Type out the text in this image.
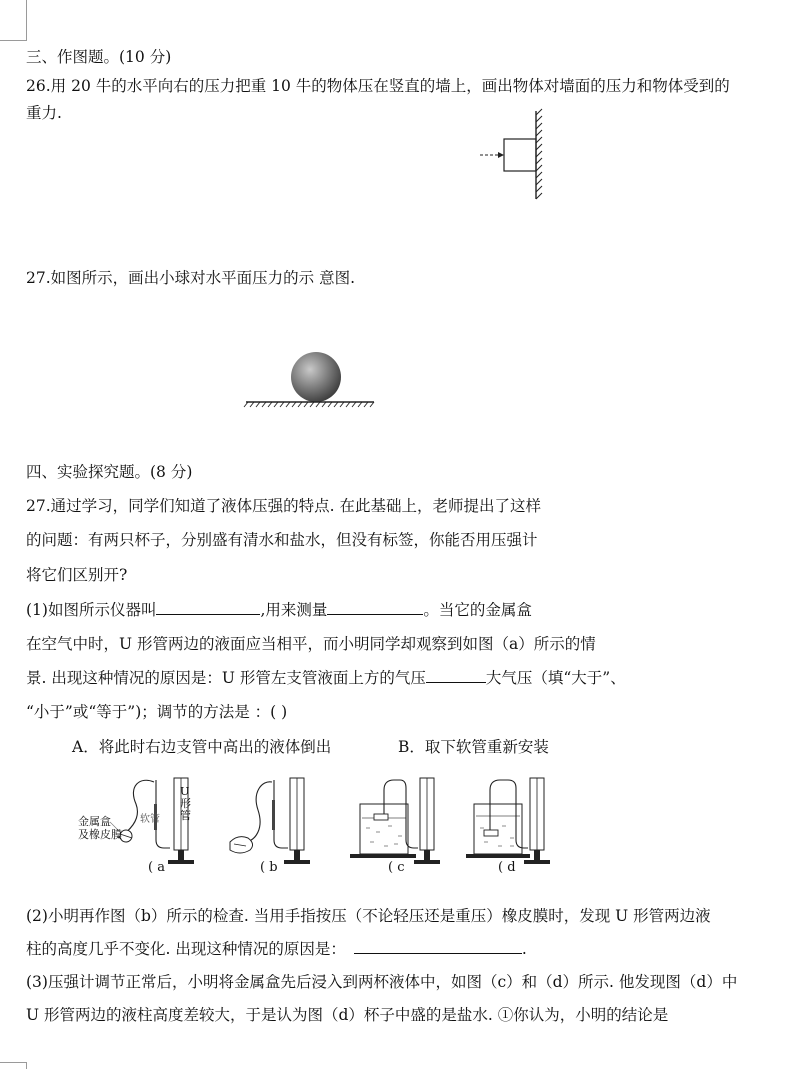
三、作图题。(10 分)
26.用 20 牛的水平向右的压力把重 10 牛的物体压在竖直的墙上，画出物体对墙面的压力和物体受到的
重力.
27.如图所示，画出小球对水平面压力的示 意图.
四、实验探究题。(8 分)
27.通过学习，同学们知道了液体压强的特点. 在此基础上，老师提出了这样
的问题：有两只杯子，分别盛有清水和盐水，但没有标签，你能否用压强计
将它们区别开?
(1)如图所示仪器叫	,用来测量	。当它的金属盒
在空气中时，U 形管两边的液面应当相平，而小明同学却观察到如图（a）所示的情
景. 出现这种情况的原因是：U 形管左支管液面上方的气压	大气压（填“大于”、
“小于”或“等于”)；调节的方法是 ：( )
A．将此时右边支管中高出的液体倒出	B．取下软管重新安装
金属盒
及橡皮膜
软管
U
形
管
( a	( b	( c	( d
(2)小明再作图（b）所示的检查. 当用手指按压（不论轻压还是重压）橡皮膜时，发现 U 形管两边液
柱的高度几乎不变化. 出现这种情况的原因是：	.
(3)压强计调节正常后，小明将金属盒先后浸入到两杯液体中，如图（c）和（d）所示. 他发现图（d）中
U 形管两边的液柱高度差较大，于是认为图（d）杯子中盛的是盐水. ①你认为，小明的结论是
